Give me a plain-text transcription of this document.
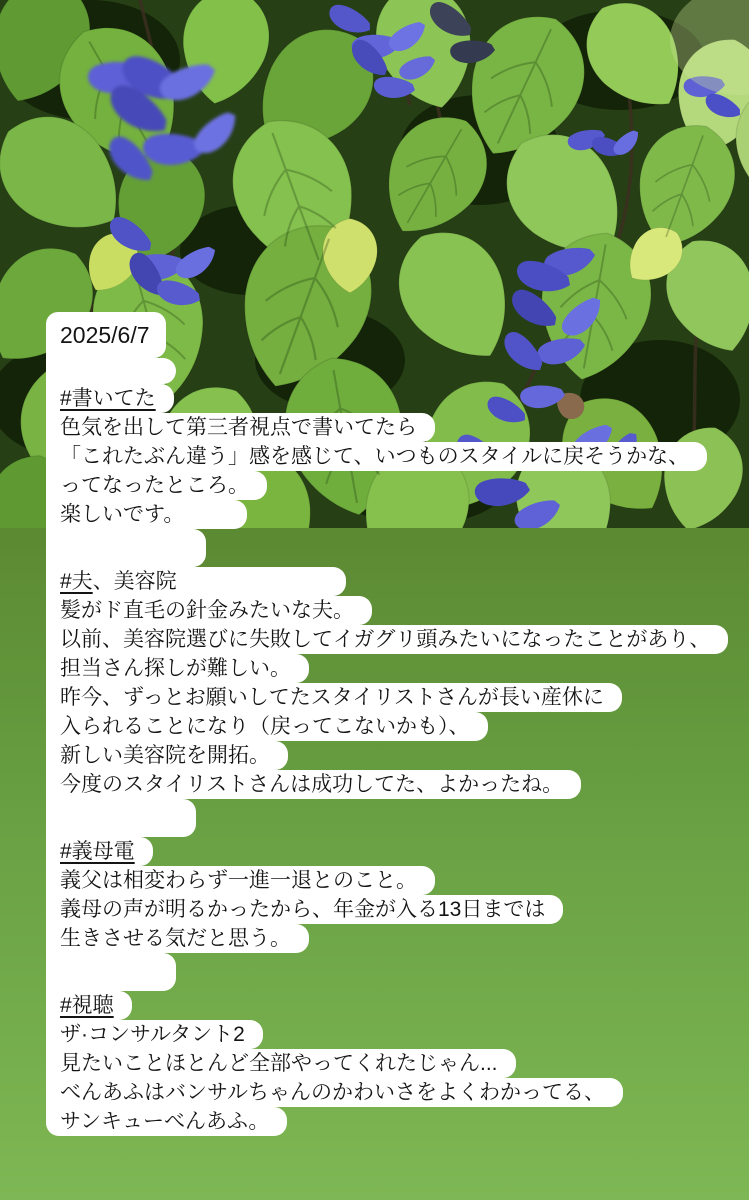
2025/6/7
#書いてた
色気を出して第三者視点で書いてたら
「これたぶん違う」感を感じて、いつものスタイルに戻そうかな、
ってなったところ。
楽しいです。
#夫、美容院
髪がド直毛の針金みたいな夫。
以前、美容院選びに失敗してイガグリ頭みたいになったことがあり、
担当さん探しが難しい。
昨今、ずっとお願いしてたスタイリストさんが長い産休に
入られることになり（戻ってこないかも）、
新しい美容院を開拓。
今度のスタイリストさんは成功してた、よかったね。
#義母電
義父は相変わらず一進一退とのこと。
義母の声が明るかったから、年金が入る13日までは
生きさせる気だと思う。
#視聴
ザ·コンサルタント2
見たいことほとんど全部やってくれたじゃん...
べんあふはバンサルちゃんのかわいさをよくわかってる、
サンキューべんあふ。
